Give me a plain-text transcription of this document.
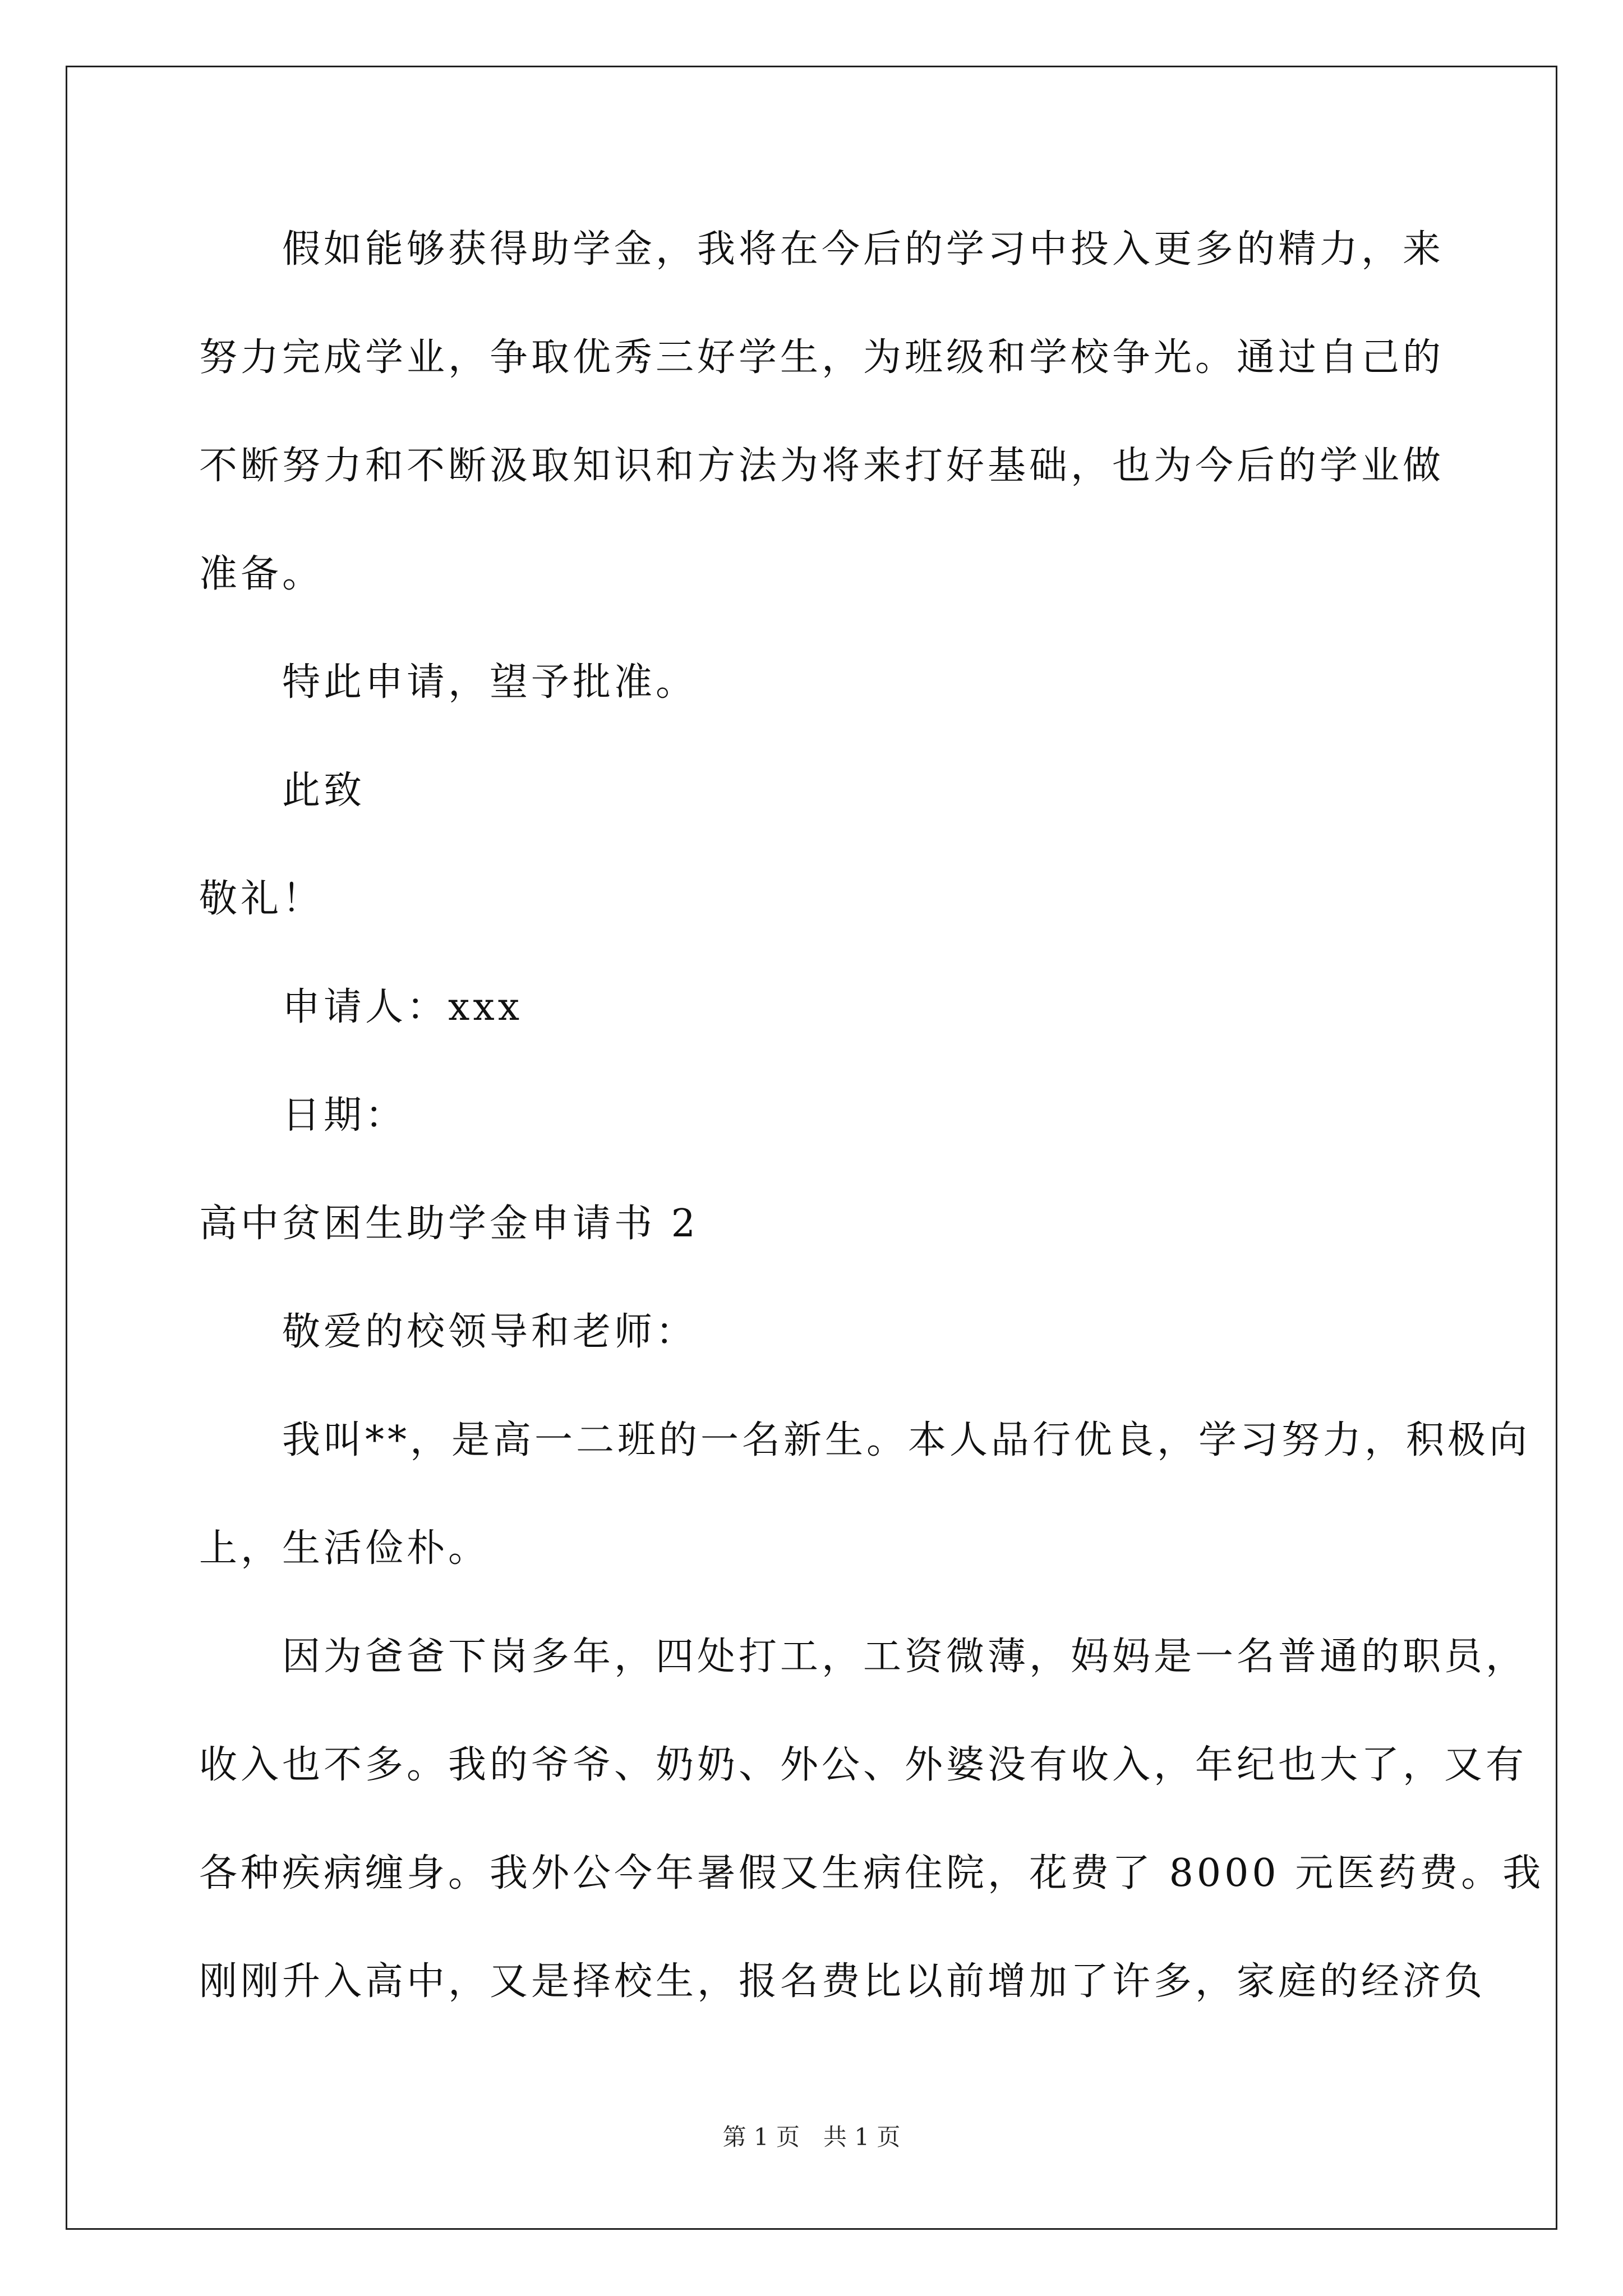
假如能够获得助学金，我将在今后的学习中投入更多的精力，来
努力完成学业，争取优秀三好学生，为班级和学校争光。通过自己的
不断努力和不断汲取知识和方法为将来打好基础，也为今后的学业做
准备。
特此申请，望予批准。
此致
敬礼！
申请人：xxx
日期：
高中贫困生助学金申请书 2
敬爱的校领导和老师：
我叫**，是高一二班的一名新生。本人品行优良，学习努力，积极向
上，生活俭朴。
因为爸爸下岗多年，四处打工，工资微薄，妈妈是一名普通的职员，
收入也不多。我的爷爷、奶奶、外公、外婆没有收入，年纪也大了，又有
各种疾病缠身。我外公今年暑假又生病住院，花费了 8000 元医药费。我
刚刚升入高中，又是择校生，报名费比以前增加了许多，家庭的经济负
第 1 页　共 1 页
